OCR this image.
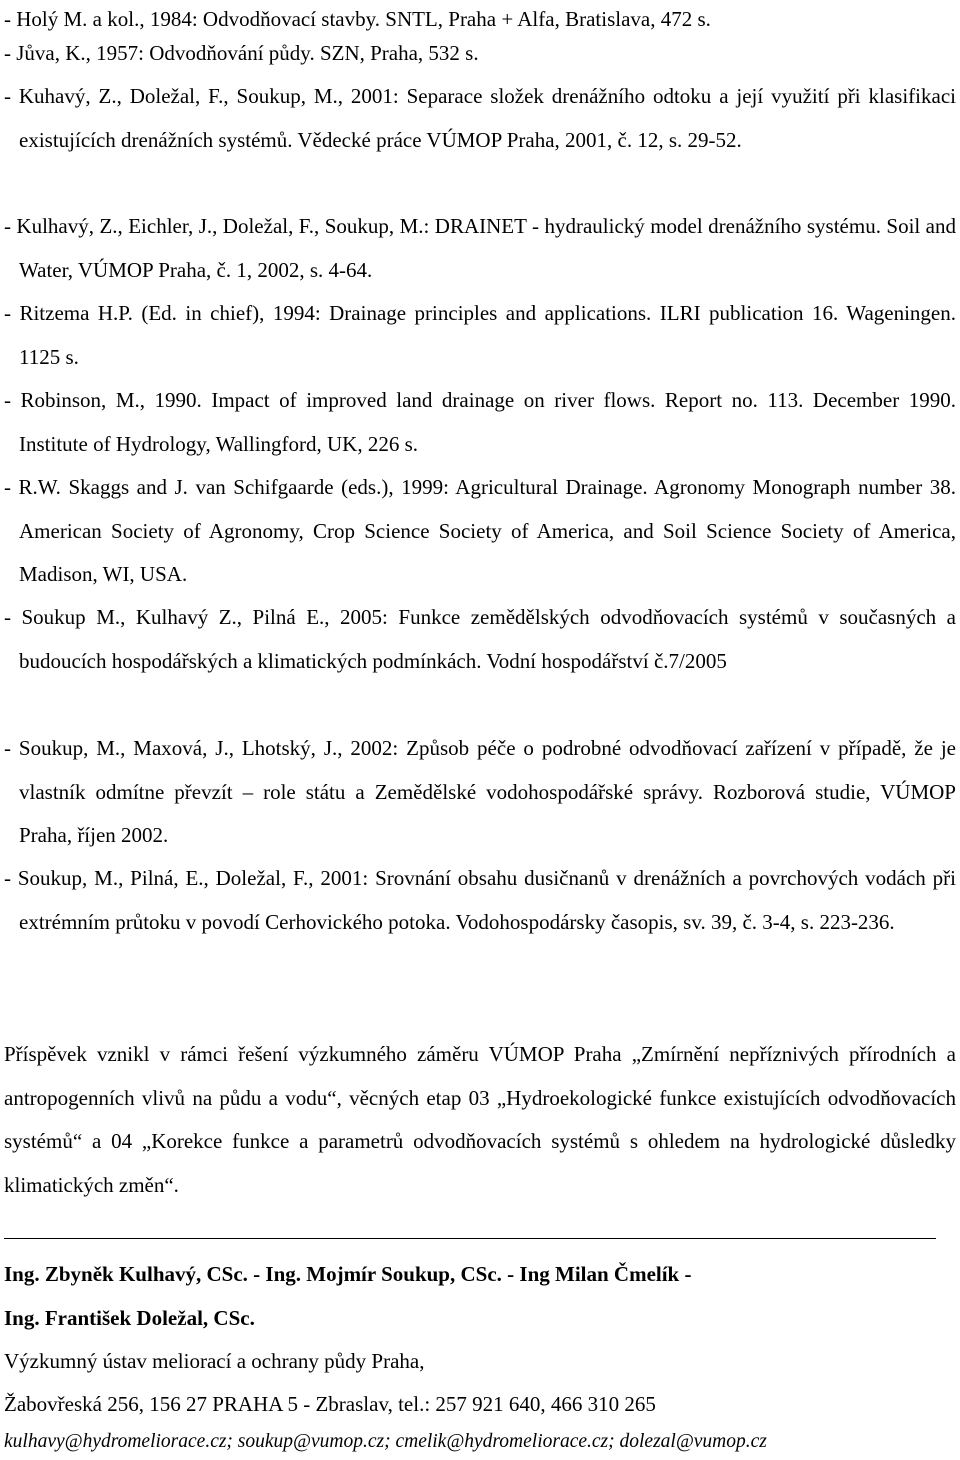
- Holý M. a kol., 1984: Odvodňovací stavby. SNTL, Praha + Alfa, Bratislava, 472 s.
- Jůva, K., 1957: Odvodňování půdy. SZN, Praha, 532 s.
- Kuhavý, Z., Doležal, F., Soukup, M., 2001: Separace složek drenážního odtoku a její využití při klasifikaci existujících drenážních systémů. Vědecké práce VÚMOP Praha, 2001, č. 12, s. 29-52.
- Kulhavý, Z., Eichler, J., Doležal, F., Soukup, M.: DRAINET - hydraulický model drenážního systému. Soil and Water, VÚMOP Praha, č. 1, 2002, s. 4-64.
- Ritzema H.P. (Ed. in chief), 1994: Drainage principles and applications. ILRI publication 16. Wageningen. 1125 s.
- Robinson, M., 1990. Impact of improved land drainage on river flows. Report no. 113. December 1990. Institute of Hydrology, Wallingford, UK, 226 s.
- R.W. Skaggs and J. van Schifgaarde (eds.), 1999: Agricultural Drainage. Agronomy Monograph number 38. American Society of Agronomy, Crop Science Society of America, and Soil Science Society of America, Madison, WI, USA.
- Soukup M., Kulhavý Z., Pilná E., 2005: Funkce zemědělských odvodňovacích systémů v současných a budoucích hospodářských a klimatických podmínkách. Vodní hospodářství č.7/2005
- Soukup, M., Maxová, J., Lhotský, J., 2002: Způsob péče o podrobné odvodňovací zařízení v případě, že je vlastník odmítne převzít – role státu a Zemědělské vodohospodářské správy. Rozborová studie, VÚMOP Praha, říjen 2002.
- Soukup, M., Pilná, E., Doležal, F., 2001: Srovnání obsahu dusičnanů v drenážních a povrchových vodách při extrémním průtoku v povodí Cerhovického potoka. Vodohospodársky časopis, sv. 39, č. 3-4, s. 223-236.
Příspěvek vznikl v rámci řešení výzkumného záměru VÚMOP Praha „Zmírnění nepříznivých přírodních a antropogenních vlivů na půdu a vodu“, věcných etap 03 „Hydroekologické funkce existujících odvodňovacích systémů“ a 04 „Korekce funkce a parametrů odvodňovacích systémů s ohledem na hydrologické důsledky klimatických změn“.
Ing. Zbyněk Kulhavý, CSc. - Ing. Mojmír Soukup, CSc. - Ing Milan Čmelík -
Ing. František Doležal, CSc.
Výzkumný ústav meliorací a ochrany půdy Praha,
Žabovřeská 256, 156 27 PRAHA 5 - Zbraslav, tel.: 257 921 640, 466 310 265
kulhavy@hydromeliorace.cz; soukup@vumop.cz; cmelik@hydromeliorace.cz; dolezal@vumop.cz
